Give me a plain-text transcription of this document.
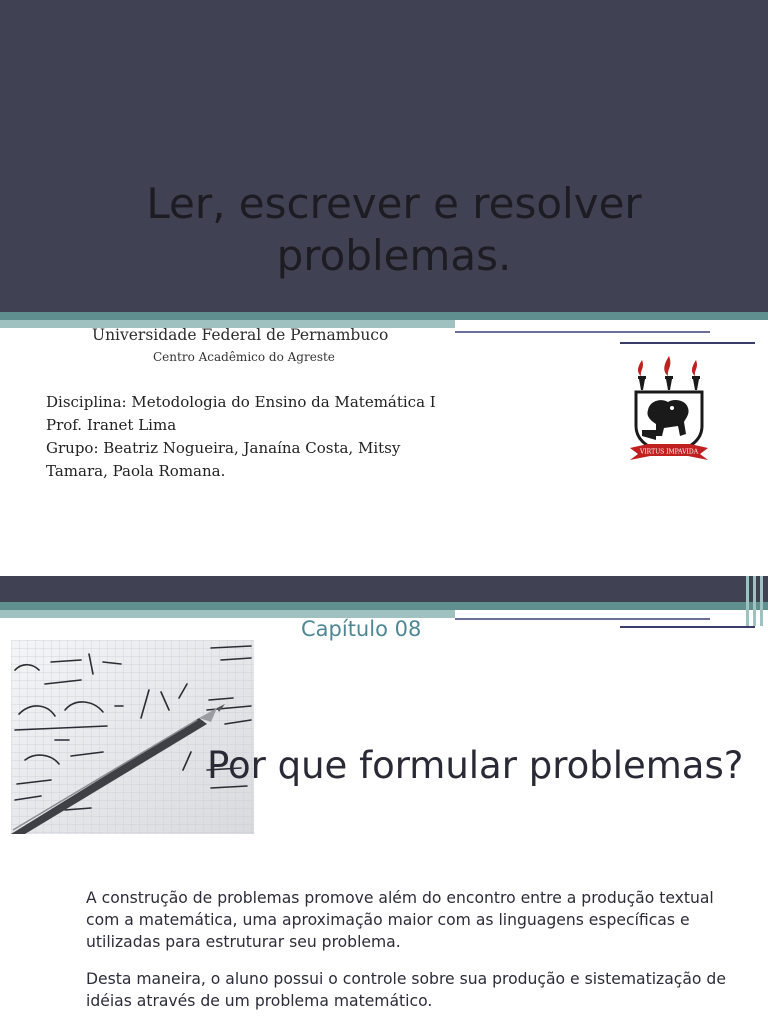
Ler, escrever e resolver
problemas.
Universidade Federal de Pernambuco
Centro Acadêmico do Agreste
Disciplina: Metodologia do Ensino da Matemática I
Prof. Iranet Lima
Grupo: Beatriz Nogueira, Janaína Costa, Mitsy Tamara, Paola Romana.
VIRTUS IMPAVIDA
Capítulo 08
Por que formular problemas?

A construção de problemas promove além do encontro entre a produção textual com a matemática, uma aproximação maior com as linguagens específicas e utilizadas para estruturar seu problema.

Desta maneira, o aluno possui o controle sobre sua produção e sistematização de idéias através de um problema matemático.
